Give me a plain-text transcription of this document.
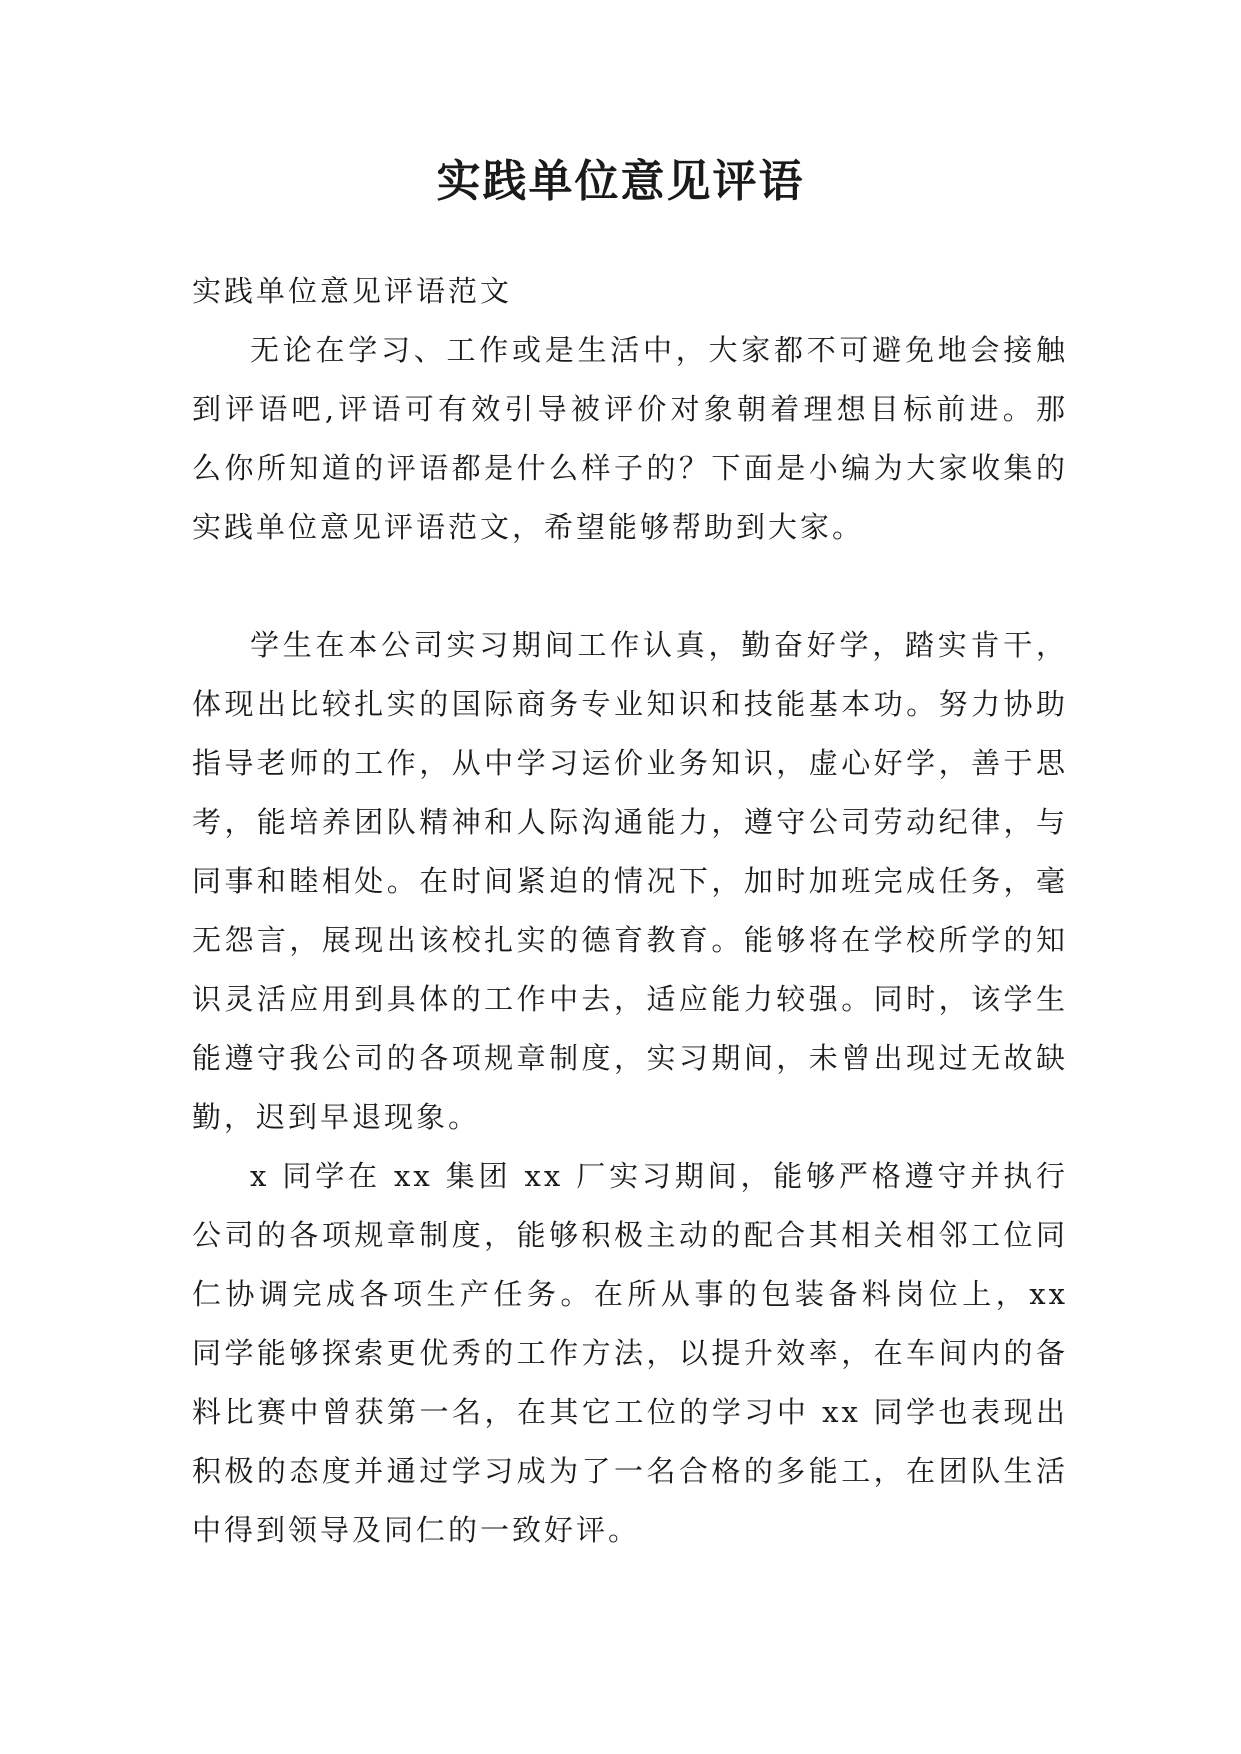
实践单位意见评语

实践单位意见评语范文

无论在学习、工作或是生活中，大家都不可避免地会接触到评语吧,评语可有效引导被评价对象朝着理想目标前进。那么你所知道的评语都是什么样子的？下面是小编为大家收集的实践单位意见评语范文，希望能够帮助到大家。

学生在本公司实习期间工作认真，勤奋好学，踏实肯干，体现出比较扎实的国际商务专业知识和技能基本功。努力协助指导老师的工作，从中学习运价业务知识，虚心好学，善于思考，能培养团队精神和人际沟通能力，遵守公司劳动纪律，与同事和睦相处。在时间紧迫的情况下，加时加班完成任务，毫无怨言，展现出该校扎实的德育教育。能够将在学校所学的知识灵活应用到具体的工作中去，适应能力较强。同时，该学生能遵守我公司的各项规章制度，实习期间，未曾出现过无故缺勤，迟到早退现象。

x 同学在 xx 集团 xx 厂实习期间，能够严格遵守并执行公司的各项规章制度，能够积极主动的配合其相关相邻工位同仁协调完成各项生产任务。在所从事的包装备料岗位上，xx 同学能够探索更优秀的工作方法，以提升效率，在车间内的备料比赛中曾获第一名，在其它工位的学习中 xx 同学也表现出积极的态度并通过学习成为了一名合格的多能工，在团队生活中得到领导及同仁的一致好评。
